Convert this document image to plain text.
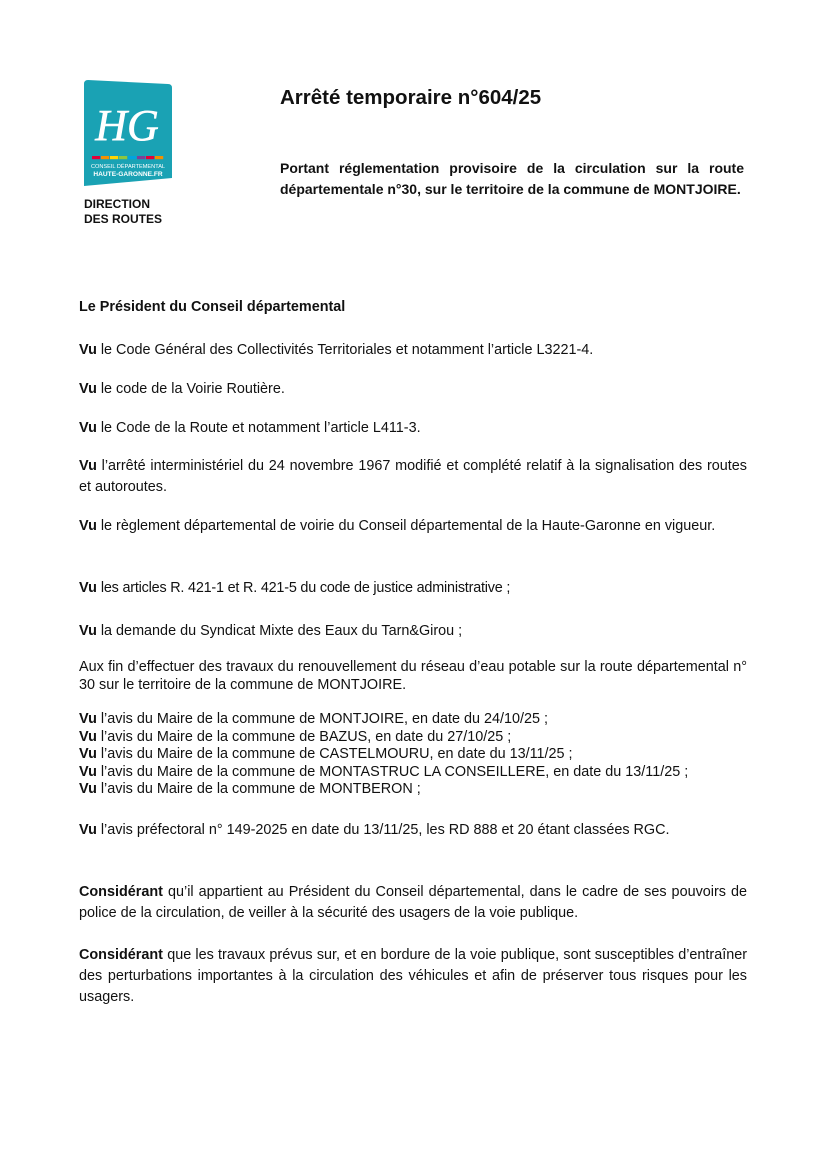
HG
CONSEIL DÉPARTEMENTAL
HAUTE-GARONNE.FR
DIRECTION
DES ROUTES
Arrêté temporaire n°604/25

Portant réglementation provisoire de la circulation sur la route départementale n°30, sur le territoire de la commune de MONTJOIRE.

Le Président du Conseil départemental

Vu le Code Général des Collectivités Territoriales et notamment l’article L3221-4.

Vu le code de la Voirie Routière.

Vu le Code de la Route et notamment l’article L411-3.

Vu l’arrêté interministériel du 24 novembre 1967 modifié et complété relatif à la signalisation des routes et autoroutes.

Vu le règlement départemental de voirie du Conseil départemental de la Haute-Garonne en vigueur.

Vu les articles R. 421-1 et R. 421-5 du code de justice administrative ;

Vu la demande du Syndicat Mixte des Eaux du Tarn&Girou ;

Aux fin d’effectuer des travaux du renouvellement du réseau d’eau potable sur la route départemental n° 30 sur le territoire de la commune de MONTJOIRE.

Vu l’avis du Maire de la commune de MONTJOIRE, en date du 24/10/25 ;
Vu l’avis du Maire de la commune de BAZUS, en date du 27/10/25 ;
Vu l’avis du Maire de la commune de CASTELMOURU, en date du 13/11/25 ;
Vu l’avis du Maire de la commune de MONTASTRUC LA CONSEILLERE, en date du 13/11/25 ;
Vu l’avis du Maire de la commune de MONTBERON ;

Vu l’avis préfectoral n° 149-2025 en date du 13/11/25, les RD 888 et 20 étant classées RGC.

Considérant qu’il appartient au Président du Conseil départemental, dans le cadre de ses pouvoirs de police de la circulation, de veiller à la sécurité des usagers de la voie publique.

Considérant que les travaux prévus sur, et en bordure de la voie publique, sont susceptibles d’entraîner des perturbations importantes à la circulation des véhicules et afin de préserver tous risques pour les usagers.
